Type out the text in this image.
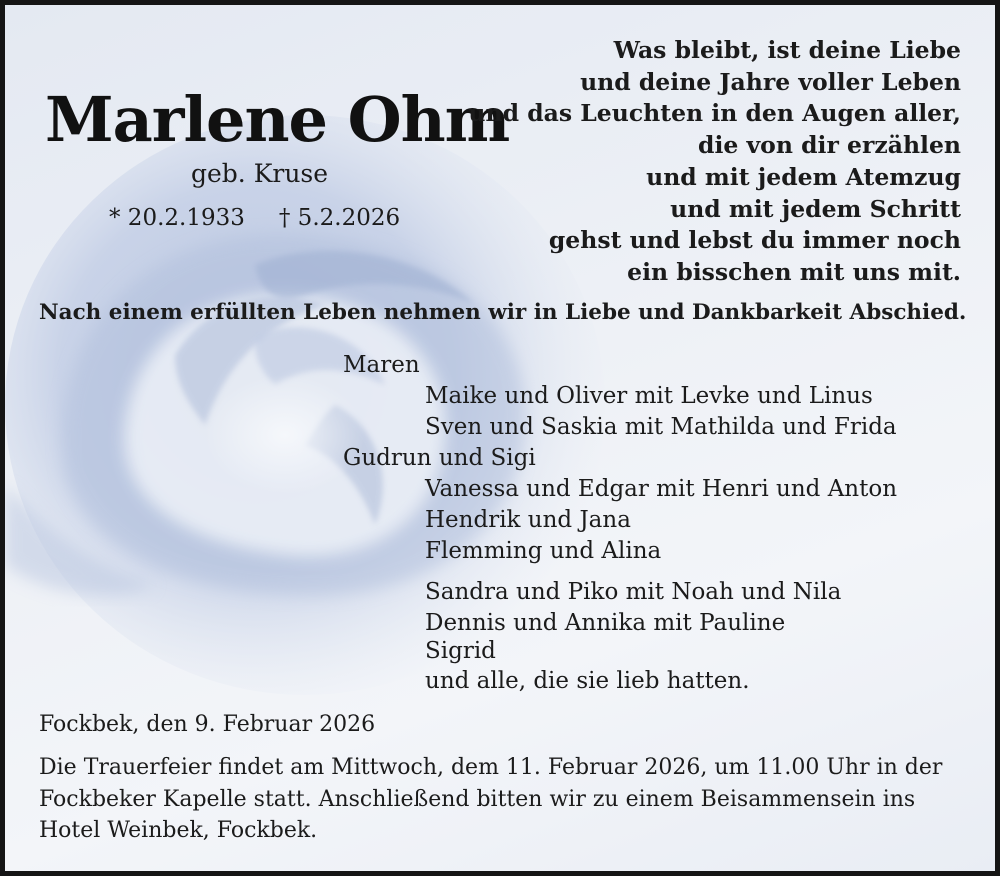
Marlene Ohm
geb. Kruse
* 20.2.1933 † 5.2.2026
Was bleibt, ist deine Liebe
und deine Jahre voller Leben
und das Leuchten in den Augen aller,
die von dir erzählen
und mit jedem Atemzug
und mit jedem Schritt
gehst und lebst du immer noch
ein bisschen mit uns mit.
Nach einem erfüllten Leben nehmen wir in Liebe und Dankbarkeit Abschied.
Maren
Maike und Oliver mit Levke und Linus
Sven und Saskia mit Mathilda und Frida
Gudrun und Sigi
Vanessa und Edgar mit Henri und Anton
Hendrik und Jana
Flemming und Alina
Sandra und Piko mit Noah und Nila
Dennis und Annika mit Pauline
Sigrid
und alle, die sie lieb hatten.
Fockbek, den 9. Februar 2026
Die Trauerfeier findet am Mittwoch, dem 11. Februar 2026, um 11.00 Uhr in der Fockbeker Kapelle statt. Anschließend bitten wir zu einem Beisammensein ins Hotel Weinbek, Fockbek.
